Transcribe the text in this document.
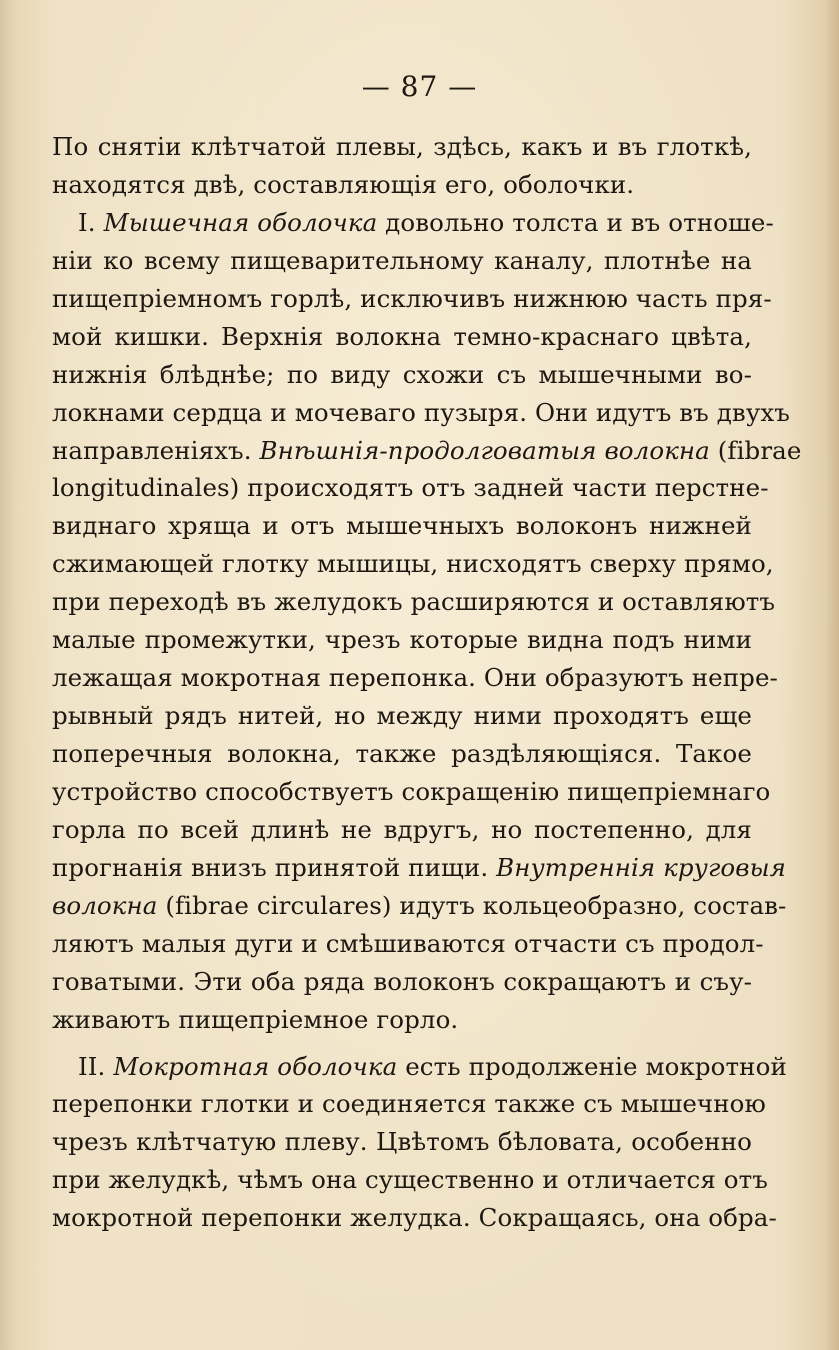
— 87 —
По снятіи клѣтчатой плевы, здѣсь, какъ и въ глоткѣ,
находятся двѣ, составляющія его, оболочки.
I. Мышечная оболочка довольно толста и въ отноше-
ніи ко всему пищеварительному каналу, плотнѣе на
пищепріемномъ горлѣ, исключивъ нижнюю часть пря-
мой кишки. Верхнія волокна темно-краснаго цвѣта,
нижнія блѣднѣе; по виду схожи съ мышечными во-
локнами сердца и мочеваго пузыря. Они идутъ въ двухъ
направленіяхъ. Внѣшнія-продолговатыя волокна (fibrae
longitudinales) происходятъ отъ задней части перстне-
виднаго хряща и отъ мышечныхъ волоконъ нижней
сжимающей глотку мышицы, нисходятъ сверху прямо,
при переходѣ въ желудокъ расширяются и оставляютъ
малые промежутки, чрезъ которые видна подъ ними
лежащая мокротная перепонка. Они образуютъ непре-
рывный рядъ нитей, но между ними проходятъ еще
поперечныя волокна, также раздѣляющіяся. Такое
устройство способствуетъ сокращенію пищепріемнаго
горла по всей длинѣ не вдругъ, но постепенно, для
прогнанія внизъ принятой пищи. Внутреннія круговыя
волокна (fibrae circulares) идутъ кольцеобразно, состав-
ляютъ малыя дуги и смѣшиваются отчасти съ продол-
говатыми. Эти оба ряда волоконъ сокращаютъ и съу-
живаютъ пищепріемное горло.
II. Мокротная оболочка есть продолженіе мокротной
перепонки глотки и соединяется также съ мышечною
чрезъ клѣтчатую плеву. Цвѣтомъ бѣловата, особенно
при желудкѣ, чѣмъ она существенно и отличается отъ
мокротной перепонки желудка. Сокращаясь, она обра-
